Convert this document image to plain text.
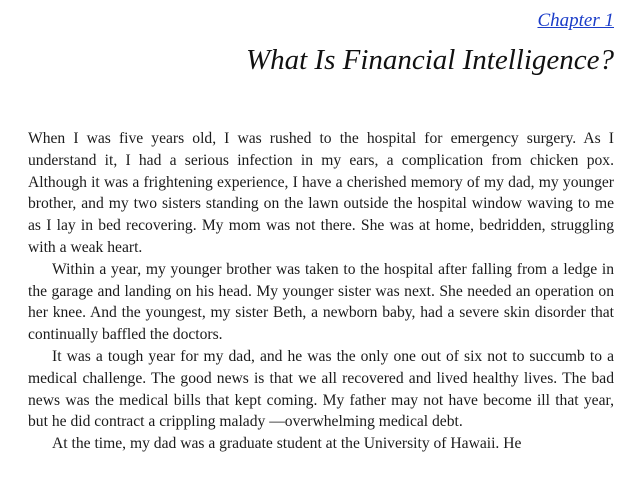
Chapter 1
What Is Financial Intelligence?

When I was five years old, I was rushed to the hospital for emergency surgery. As I understand it, I had a serious infection in my ears, a complication from chicken pox. Although it was a frightening experience, I have a cherished memory of my dad, my younger brother, and my two sisters standing on the lawn outside the hospital window waving to me as I lay in bed recovering. My mom was not there. She was at home, bedridden, struggling with a weak heart.

Within a year, my younger brother was taken to the hospital after falling from a ledge in the garage and landing on his head. My younger sister was next. She needed an operation on her knee. And the youngest, my sister Beth, a newborn baby, had a severe skin disorder that continually baffled the doctors.

It was a tough year for my dad, and he was the only one out of six not to succumb to a medical challenge. The good news is that we all recovered and lived healthy lives. The bad news was the medical bills that kept coming. My father may not have become ill that year, but he did contract a crippling malady —overwhelming medical debt.

At the time, my dad was a graduate student at the University of Hawaii. He
